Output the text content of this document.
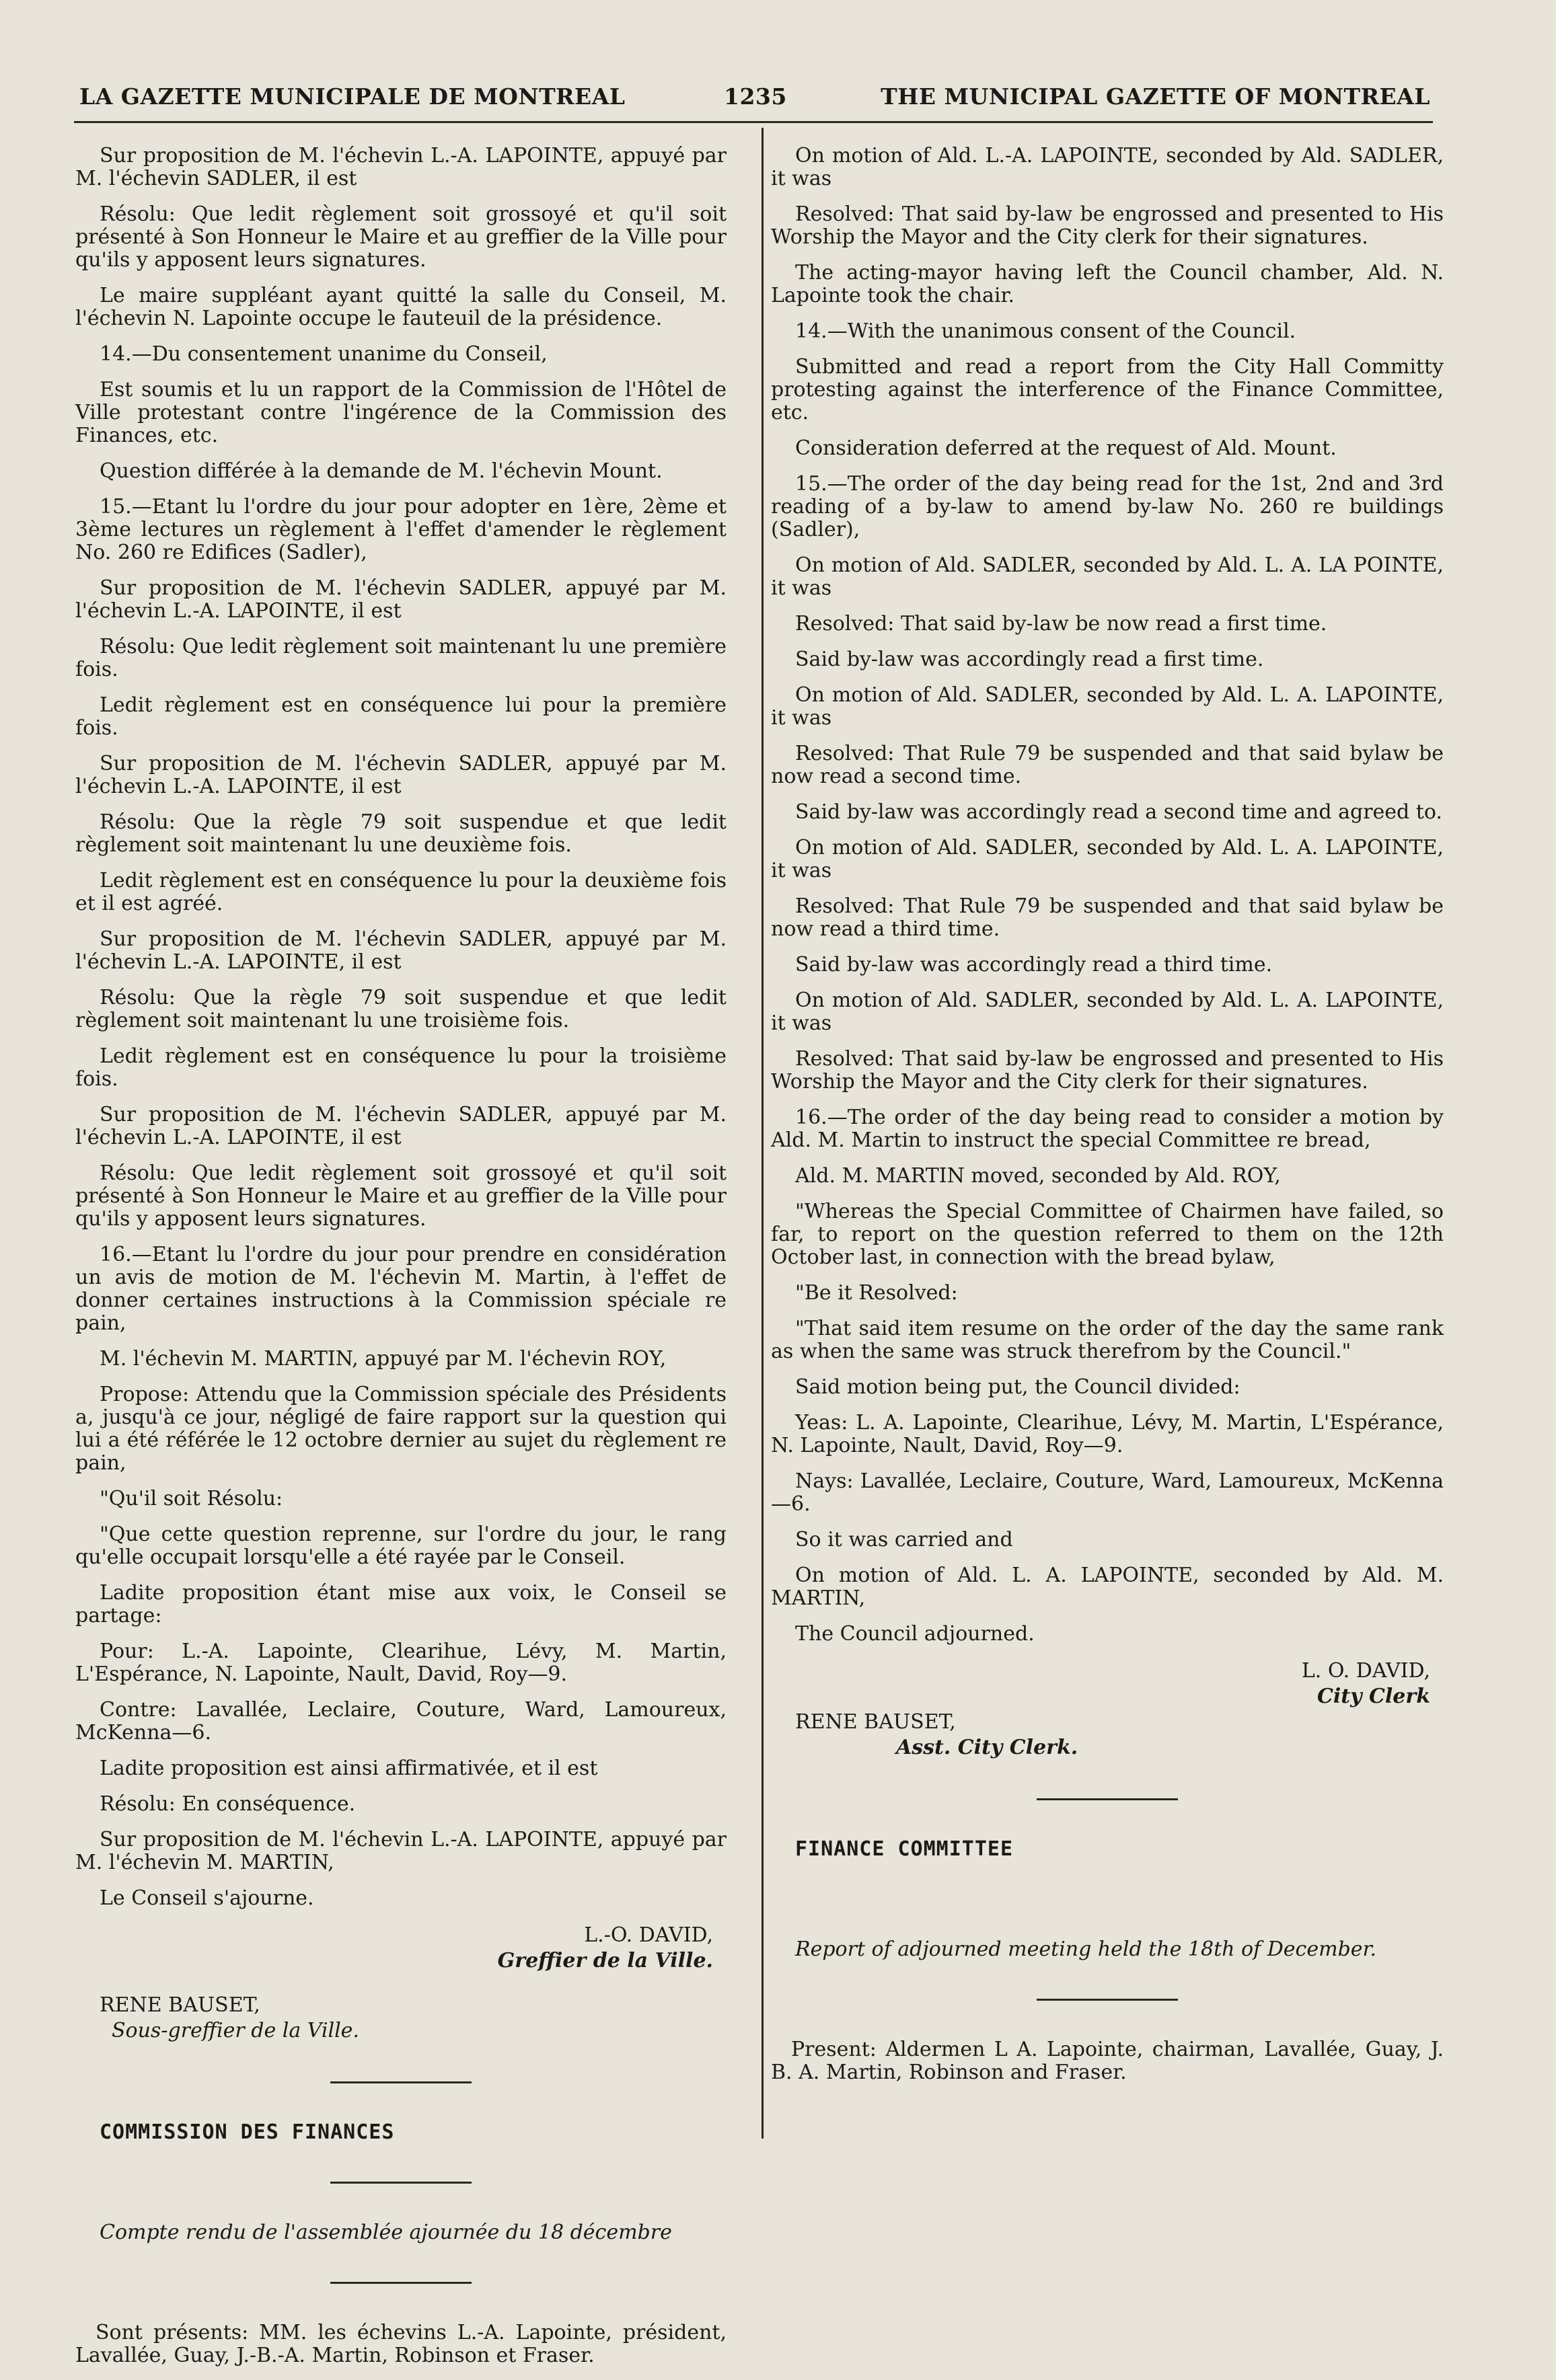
LA GAZETTE MUNICIPALE DE MONTREAL	1235	THE MUNICIPAL GAZETTE OF MONTREAL

Sur proposition de M. l'échevin L.-A. LAPOINTE, appuyé par M. l'échevin SADLER, il est

Résolu: Que ledit règlement soit grossoyé et qu'il soit présenté à Son Honneur le Maire et au greffier de la Ville pour qu'ils y apposent leurs signatures.

Le maire suppléant ayant quitté la salle du Conseil, M. l'échevin N. Lapointe occupe le fauteuil de la présidence.

14.—Du consentement unanime du Conseil,

Est soumis et lu un rapport de la Commission de l'Hôtel de Ville protestant contre l'ingérence de la Commission des Finances, etc.

Question différée à la demande de M. l'échevin Mount.

15.—Etant lu l'ordre du jour pour adopter en 1ère, 2ème et 3ème lectures un règlement à l'effet d'amender le règlement No. 260 re Edifices (Sadler),

Sur proposition de M. l'échevin SADLER, appuyé par M. l'échevin L.-A. LAPOINTE, il est

Résolu: Que ledit règlement soit maintenant lu une première fois.

Ledit règlement est en conséquence lui pour la première fois.

Sur proposition de M. l'échevin SADLER, appuyé par M. l'échevin L.-A. LAPOINTE, il est

Résolu: Que la règle 79 soit suspendue et que ledit règlement soit maintenant lu une deuxième fois.

Ledit règlement est en conséquence lu pour la deuxième fois et il est agréé.

Sur proposition de M. l'échevin SADLER, appuyé par M. l'échevin L.-A. LAPOINTE, il est

Résolu: Que la règle 79 soit suspendue et que ledit règlement soit maintenant lu une troisième fois.

Ledit règlement est en conséquence lu pour la troisième fois.

Sur proposition de M. l'échevin SADLER, appuyé par M. l'échevin L.-A. LAPOINTE, il est

Résolu: Que ledit règlement soit grossoyé et qu'il soit présenté à Son Honneur le Maire et au greffier de la Ville pour qu'ils y apposent leurs signatures.

16.—Etant lu l'ordre du jour pour prendre en considération un avis de motion de M. l'échevin M. Martin, à l'effet de donner certaines instructions à la Commission spéciale re pain,

M. l'échevin M. MARTIN, appuyé par M. l'échevin ROY,

Propose: Attendu que la Commission spéciale des Présidents a, jusqu'à ce jour, négligé de faire rapport sur la question qui lui a été référée le 12 octobre dernier au sujet du règlement re pain,

"Qu'il soit Résolu:

"Que cette question reprenne, sur l'ordre du jour, le rang qu'elle occupait lorsqu'elle a été rayée par le Conseil.

Ladite proposition étant mise aux voix, le Conseil se partage:

Pour: L.-A. Lapointe, Clearihue, Lévy, M. Martin, L'Espérance, N. Lapointe, Nault, David, Roy—9.

Contre: Lavallée, Leclaire, Couture, Ward, Lamoureux, McKenna—6.

Ladite proposition est ainsi affirmativée, et il est

Résolu: En conséquence.

Sur proposition de M. l'échevin L.-A. LAPOINTE, appuyé par M. l'échevin M. MARTIN,

Le Conseil s'ajourne.

L.-O. DAVID,

Greffier de la Ville.

RENE BAUSET,

Sous-greffier de la Ville.

COMMISSION DES FINANCES

Compte rendu de l'assemblée ajournée du 18 décembre

Sont présents: MM. les échevins L.-A. Lapointe, président, Lavallée, Guay, J.-B.-A. Martin, Robinson et Fraser.

On motion of Ald. L.-A. LAPOINTE, seconded by Ald. SADLER, it was

Resolved: That said by-law be engrossed and presented to His Worship the Mayor and the City clerk for their signatures.

The acting-mayor having left the Council chamber, Ald. N. Lapointe took the chair.

14.—With the unanimous consent of the Council.

Submitted and read a report from the City Hall Committy protesting against the interference of the Finance Committee, etc.

Consideration deferred at the request of Ald. Mount.

15.—The order of the day being read for the 1st, 2nd and 3rd reading of a by-law to amend by-law No. 260 re buildings (Sadler),

On motion of Ald. SADLER, seconded by Ald. L. A. LA POINTE, it was

Resolved: That said by-law be now read a first time.

Said by-law was accordingly read a first time.

On motion of Ald. SADLER, seconded by Ald. L. A. LAPOINTE, it was

Resolved: That Rule 79 be suspended and that said bylaw be now read a second time.

Said by-law was accordingly read a second time and agreed to.

On motion of Ald. SADLER, seconded by Ald. L. A. LAPOINTE, it was

Resolved: That Rule 79 be suspended and that said bylaw be now read a third time.

Said by-law was accordingly read a third time.

On motion of Ald. SADLER, seconded by Ald. L. A. LAPOINTE, it was

Resolved: That said by-law be engrossed and presented to His Worship the Mayor and the City clerk for their signatures.

16.—The order of the day being read to consider a motion by Ald. M. Martin to instruct the special Committee re bread,

Ald. M. MARTIN moved, seconded by Ald. ROY,

"Whereas the Special Committee of Chairmen have failed, so far, to report on the question referred to them on the 12th October last, in connection with the bread bylaw,

"Be it Resolved:

"That said item resume on the order of the day the same rank as when the same was struck therefrom by the Council."

Said motion being put, the Council divided:

Yeas: L. A. Lapointe, Clearihue, Lévy, M. Martin, L'Espérance, N. Lapointe, Nault, David, Roy—9.

Nays: Lavallée, Leclaire, Couture, Ward, Lamoureux, McKenna—6.

So it was carried and

On motion of Ald. L. A. LAPOINTE, seconded by Ald. M. MARTIN,

The Council adjourned.

L. O. DAVID,

City Clerk

RENE BAUSET,

Asst. City Clerk.

FINANCE COMMITTEE

Report of adjourned meeting held the 18th of December.

Present: Aldermen L A. Lapointe, chairman, Lavallée, Guay, J. B. A. Martin, Robinson and Fraser.
